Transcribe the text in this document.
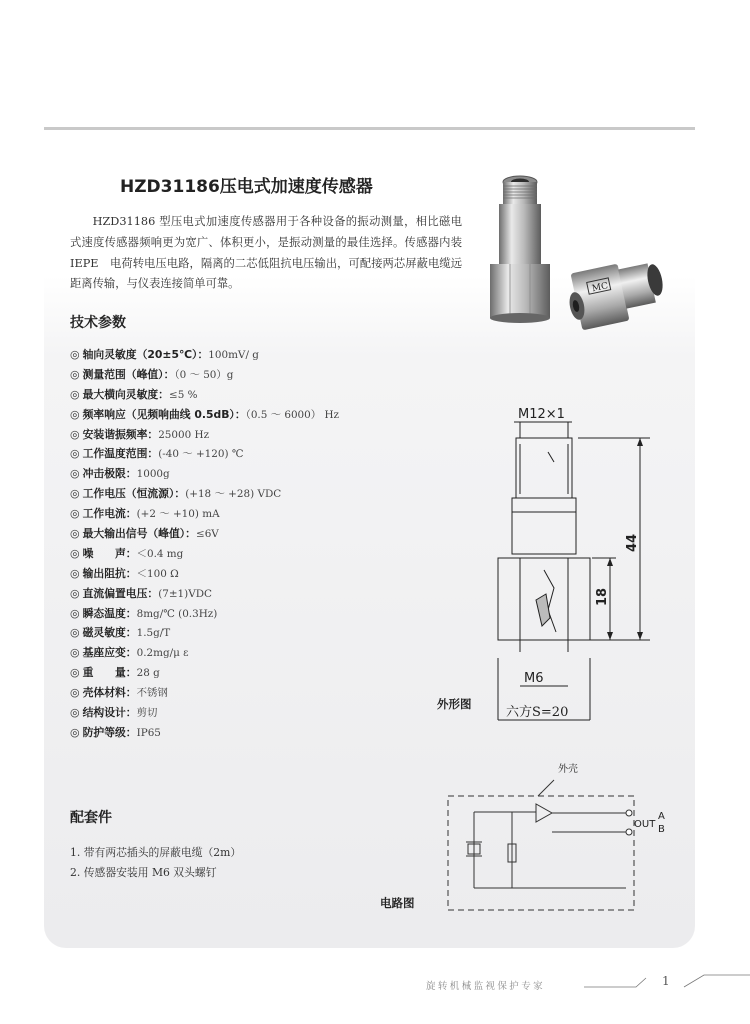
HZD31186压电式加速度传感器

HZD31186 型压电式加速度传感器用于各种设备的振动测量，相比磁电式速度传感器频响更为宽广、体积更小，是振动测量的最佳选择。传感器内装　IEPE　电荷转电压电路，隔离的二芯低阻抗电压输出，可配接两芯屏蔽电缆远距离传输，与仪表连接简单可靠。	MC
技术参数
◎ 轴向灵敏度（20±5℃）：100mV/ g
◎ 测量范围（峰值）：（0 ～ 50）g
◎ 最大横向灵敏度：≤5 %
◎ 频率响应（见频响曲线 0.5dB）：（0.5 ～ 6000） Hz
◎ 安装谐振频率：25000 Hz
◎ 工作温度范围：(-40 ～ +120) ℃
◎ 冲击极限：1000g
◎ 工作电压（恒流源）：(+18 ～ +28) VDC
◎ 工作电流：(+2 ～ +10) mA
◎ 最大输出信号（峰值）：≤6V
◎ 噪　　声：＜0.4 mg
◎ 输出阻抗：＜100 Ω
◎ 直流偏置电压：(7±1)VDC
◎ 瞬态温度：8mg/℃ (0.3Hz)
◎ 磁灵敏度：1.5g/T
◎ 基座应变：0.2mg/μ ε
◎ 重　　量：28 g
◎ 壳体材料：不锈钢
◎ 结构设计：剪切
◎ 防护等级：IP65
M12×1
44
18
M6
六方S=20

外形图

配套件
1. 带有两芯插头的屏蔽电缆（2m）
2. 传感器安装用 M6 双头螺钉
外壳
OUT
A
B

电路图

旋转机械监视保护专家	1
